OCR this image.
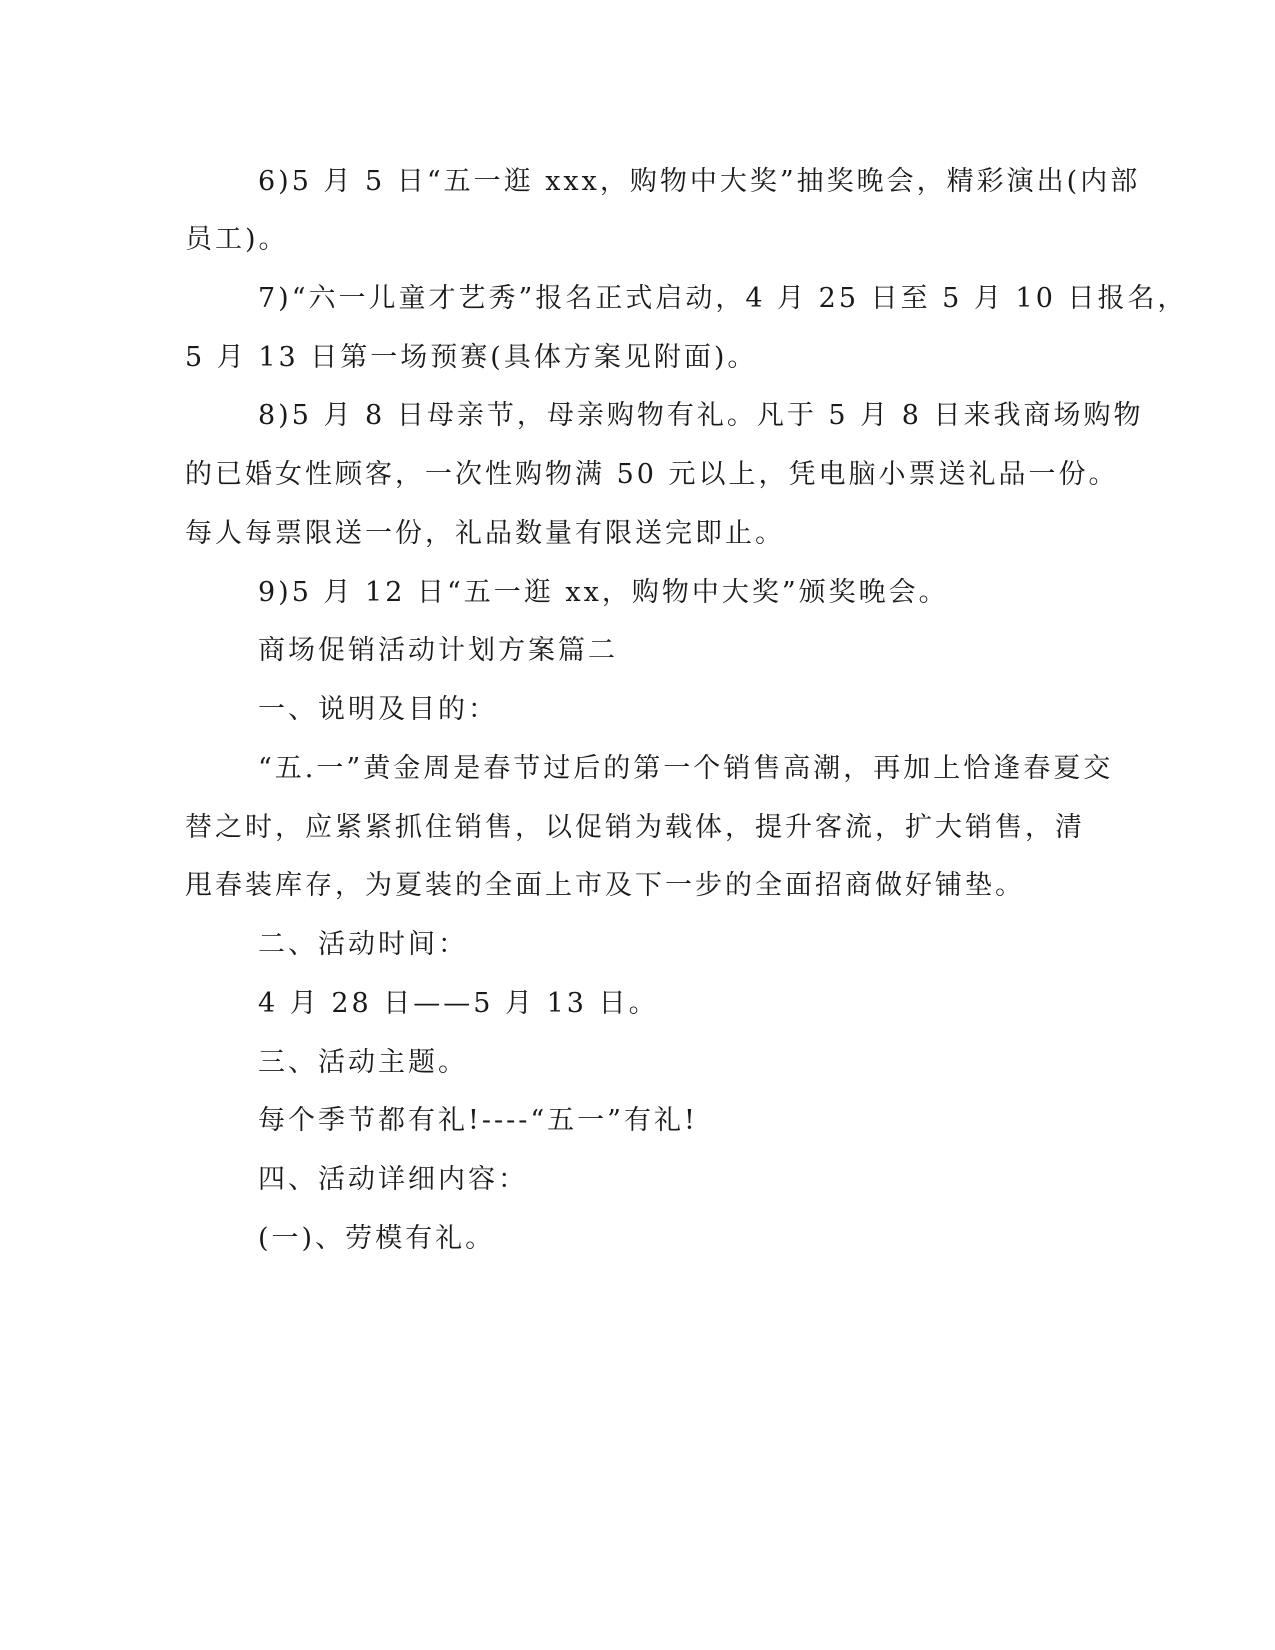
6)5 月 5 日“五一逛 xxx，购物中大奖”抽奖晚会，精彩演出(内部

员工)。

7)“六一儿童才艺秀”报名正式启动，4 月 25 日至 5 月 10 日报名，

5 月 13 日第一场预赛(具体方案见附面)。

8)5 月 8 日母亲节，母亲购物有礼。凡于 5 月 8 日来我商场购物

的已婚女性顾客，一次性购物满 50 元以上，凭电脑小票送礼品一份。

每人每票限送一份，礼品数量有限送完即止。

9)5 月 12 日“五一逛 xx，购物中大奖”颁奖晚会。

商场促销活动计划方案篇二

一、说明及目的：

“五.一”黄金周是春节过后的第一个销售高潮，再加上恰逢春夏交

替之时，应紧紧抓住销售，以促销为载体，提升客流，扩大销售，清

甩春装库存，为夏装的全面上市及下一步的全面招商做好铺垫。

二、活动时间：

4 月 28 日——5 月 13 日。

三、活动主题。

每个季节都有礼!----“五一”有礼!

四、活动详细内容：

(一)、劳模有礼。
